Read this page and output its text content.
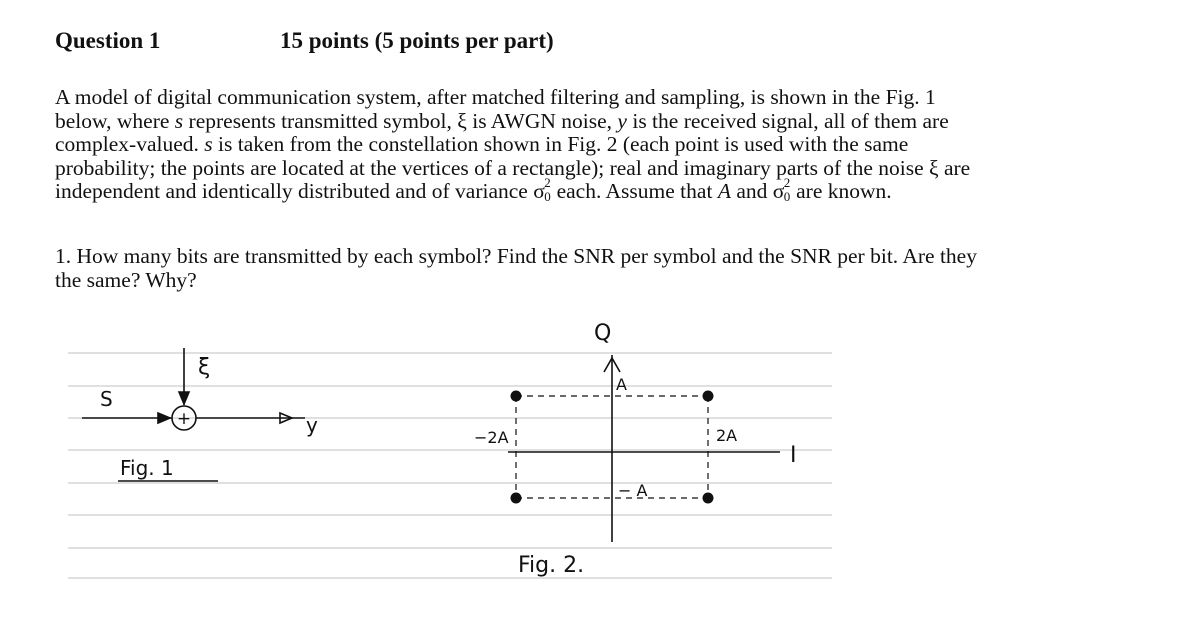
Question 1	15 points (5 points per part)

A model of digital communication system, after matched filtering and sampling, is shown in the Fig. 1

below, where s represents transmitted symbol, ξ is AWGN noise, y is the received signal, all of them are

complex-valued. s is taken from the constellation shown in Fig. 2 (each point is used with the same

probability; the points are located at the vertices of a rectangle); real and imaginary parts of the noise ξ are

independent and identically distributed and of variance σ 2
0 each. Assume that A and σ 2
0 are known.

1. How many bits are transmitted by each symbol? Find the SNR per symbol and the SNR per bit. Are they

the same? Why?

S
ξ
+	y
Fig. 1
Q
I
A
− A
−2A	2A
Fig. 2.
